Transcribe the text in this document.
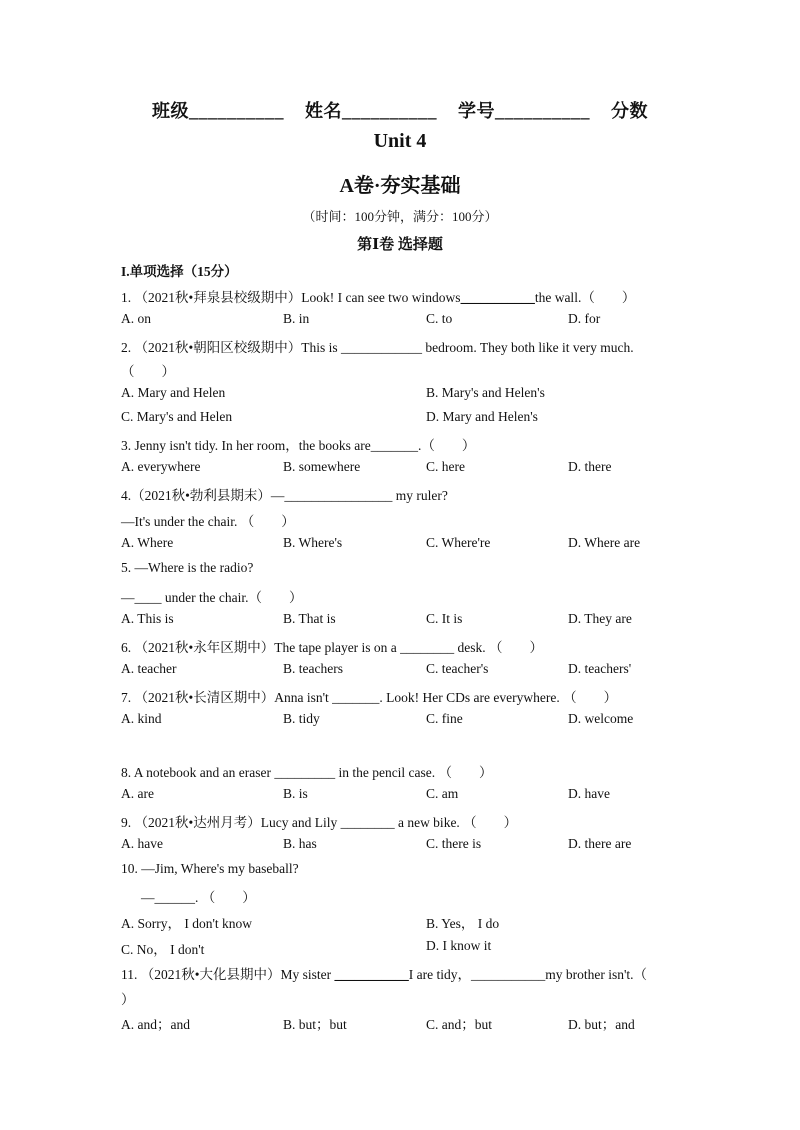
班级__________ 姓名__________ 学号__________ 分数
Unit 4
A卷·夯实基础
（时间：100分钟，满分：100分）
第Ⅰ卷 选择题
I.单项选择（15分）
1. （2021秋•拜泉县校级期中）Look! I can see two windows___________the wall.（　　）
A. on	B. in	C. to	D. for
2. （2021秋•朝阳区校级期中）This is ____________ bedroom. They both like it very much.
（　　）
A. Mary and Helen	B. Mary's and Helen's
C. Mary's and Helen	D. Mary and Helen's
3. Jenny isn't tidy. In her room，the books are_______.（　　）
A. everywhere	B. somewhere	C. here	D. there
4.（2021秋•勃利县期末）—________________ my ruler?
—It's under the chair. （　　）
A. Where	B. Where's	C. Where're	D. Where are
5. —Where is the radio?
—____ under the chair.（　　）
A. This is	B. That is	C. It is	D. They are
6. （2021秋•永年区期中）The tape player is on a ________ desk. （　　）
A. teacher	B. teachers	C. teacher's	D. teachers'
7. （2021秋•长清区期中）Anna isn't _______. Look! Her CDs are everywhere. （　　）
A. kind	B. tidy	C. fine	D. welcome
8. A notebook and an eraser _________ in the pencil case. （　　）
A. are	B. is	C. am	D. have
9. （2021秋•达州月考）Lucy and Lily ________ a new bike. （　　）
A. have	B. has	C. there is	D. there are
10. —Jim, Where's my baseball?
—______. （　　）
A. Sorry， I don't know	B. Yes， I do
C. No， I don't	D. I know it
11. （2021秋•大化县期中）My sister ___________I are tidy，___________my brother isn't.（
）
A. and；and	B. but；but	C. and；but	D. but；and
